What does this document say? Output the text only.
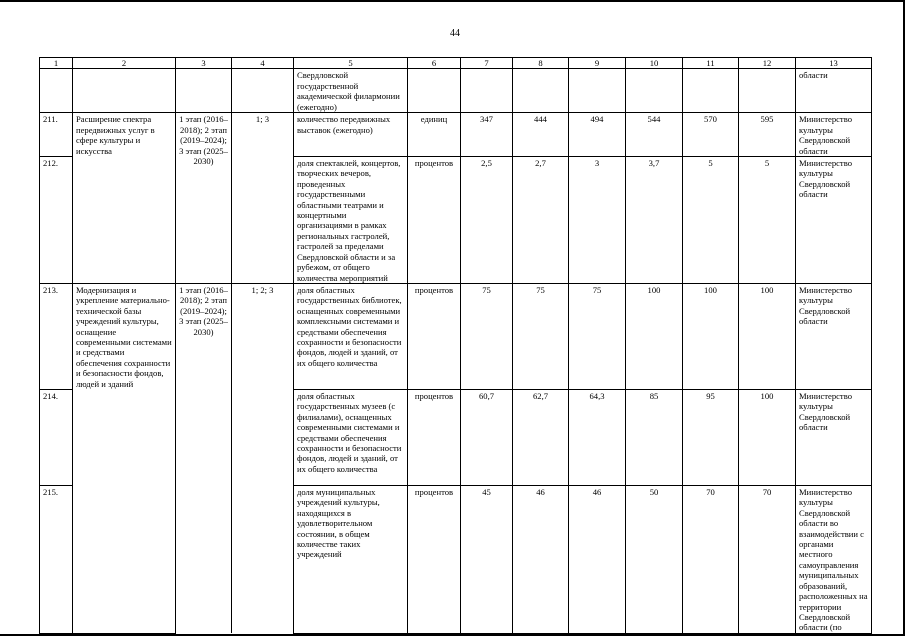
44
1	2	3	4	5	6	7	8	9	10	11	12	13
				Свердловской государственной академической филармонии (ежегодно)								области
211.	Расширение спектра передвижных услуг в сфере культуры и искусства	1 этап (2016–2018); 2 этап (2019–2024); 3 этап (2025–2030)	1; 3	количество передвижных выставок (ежегодно)	единиц	347	444	494	544	570	595	Министерство культуры Свердловской области
212.				доля спектаклей, концертов, творческих вечеров, проведенных государственными областными театрами и концертными организациями в рамках региональных гастролей, гастролей за пределами Свердловской области и за рубежом, от общего количества мероприятий	процентов	2,5	2,7	3	3,7	5	5	Министерство культуры Свердловской области
213.	Модернизация и укрепление материально-технической базы учреждений культуры, оснащение современными системами и средствами обеспечения сохранности и безопасности фондов, людей и зданий	1 этап (2016–2018); 2 этап (2019–2024); 3 этап (2025–2030)	1; 2; 3	доля областных государственных библиотек, оснащенных современными комплексными системами и средствами обеспечения сохранности и безопасности фондов, людей и зданий, от их общего количества	процентов	75	75	75	100	100	100	Министерство культуры Свердловской области
214.				доля областных государственных музеев (с филиалами), оснащенных современными системами и средствами обеспечения сохранности и безопасности фондов, людей и зданий, от их общего количества	процентов	60,7	62,7	64,3	85	95	100	Министерство культуры Свердловской области
215.				доля муниципальных учреждений культуры, находящихся в удовлетворительном состоянии, в общем количестве таких учреждений	процентов	45	46	46	50	70	70	Министерство культуры Свердловской области во взаимодействии с органами местного самоуправления муниципальных образований, расположенных на территории Свердловской области (по
